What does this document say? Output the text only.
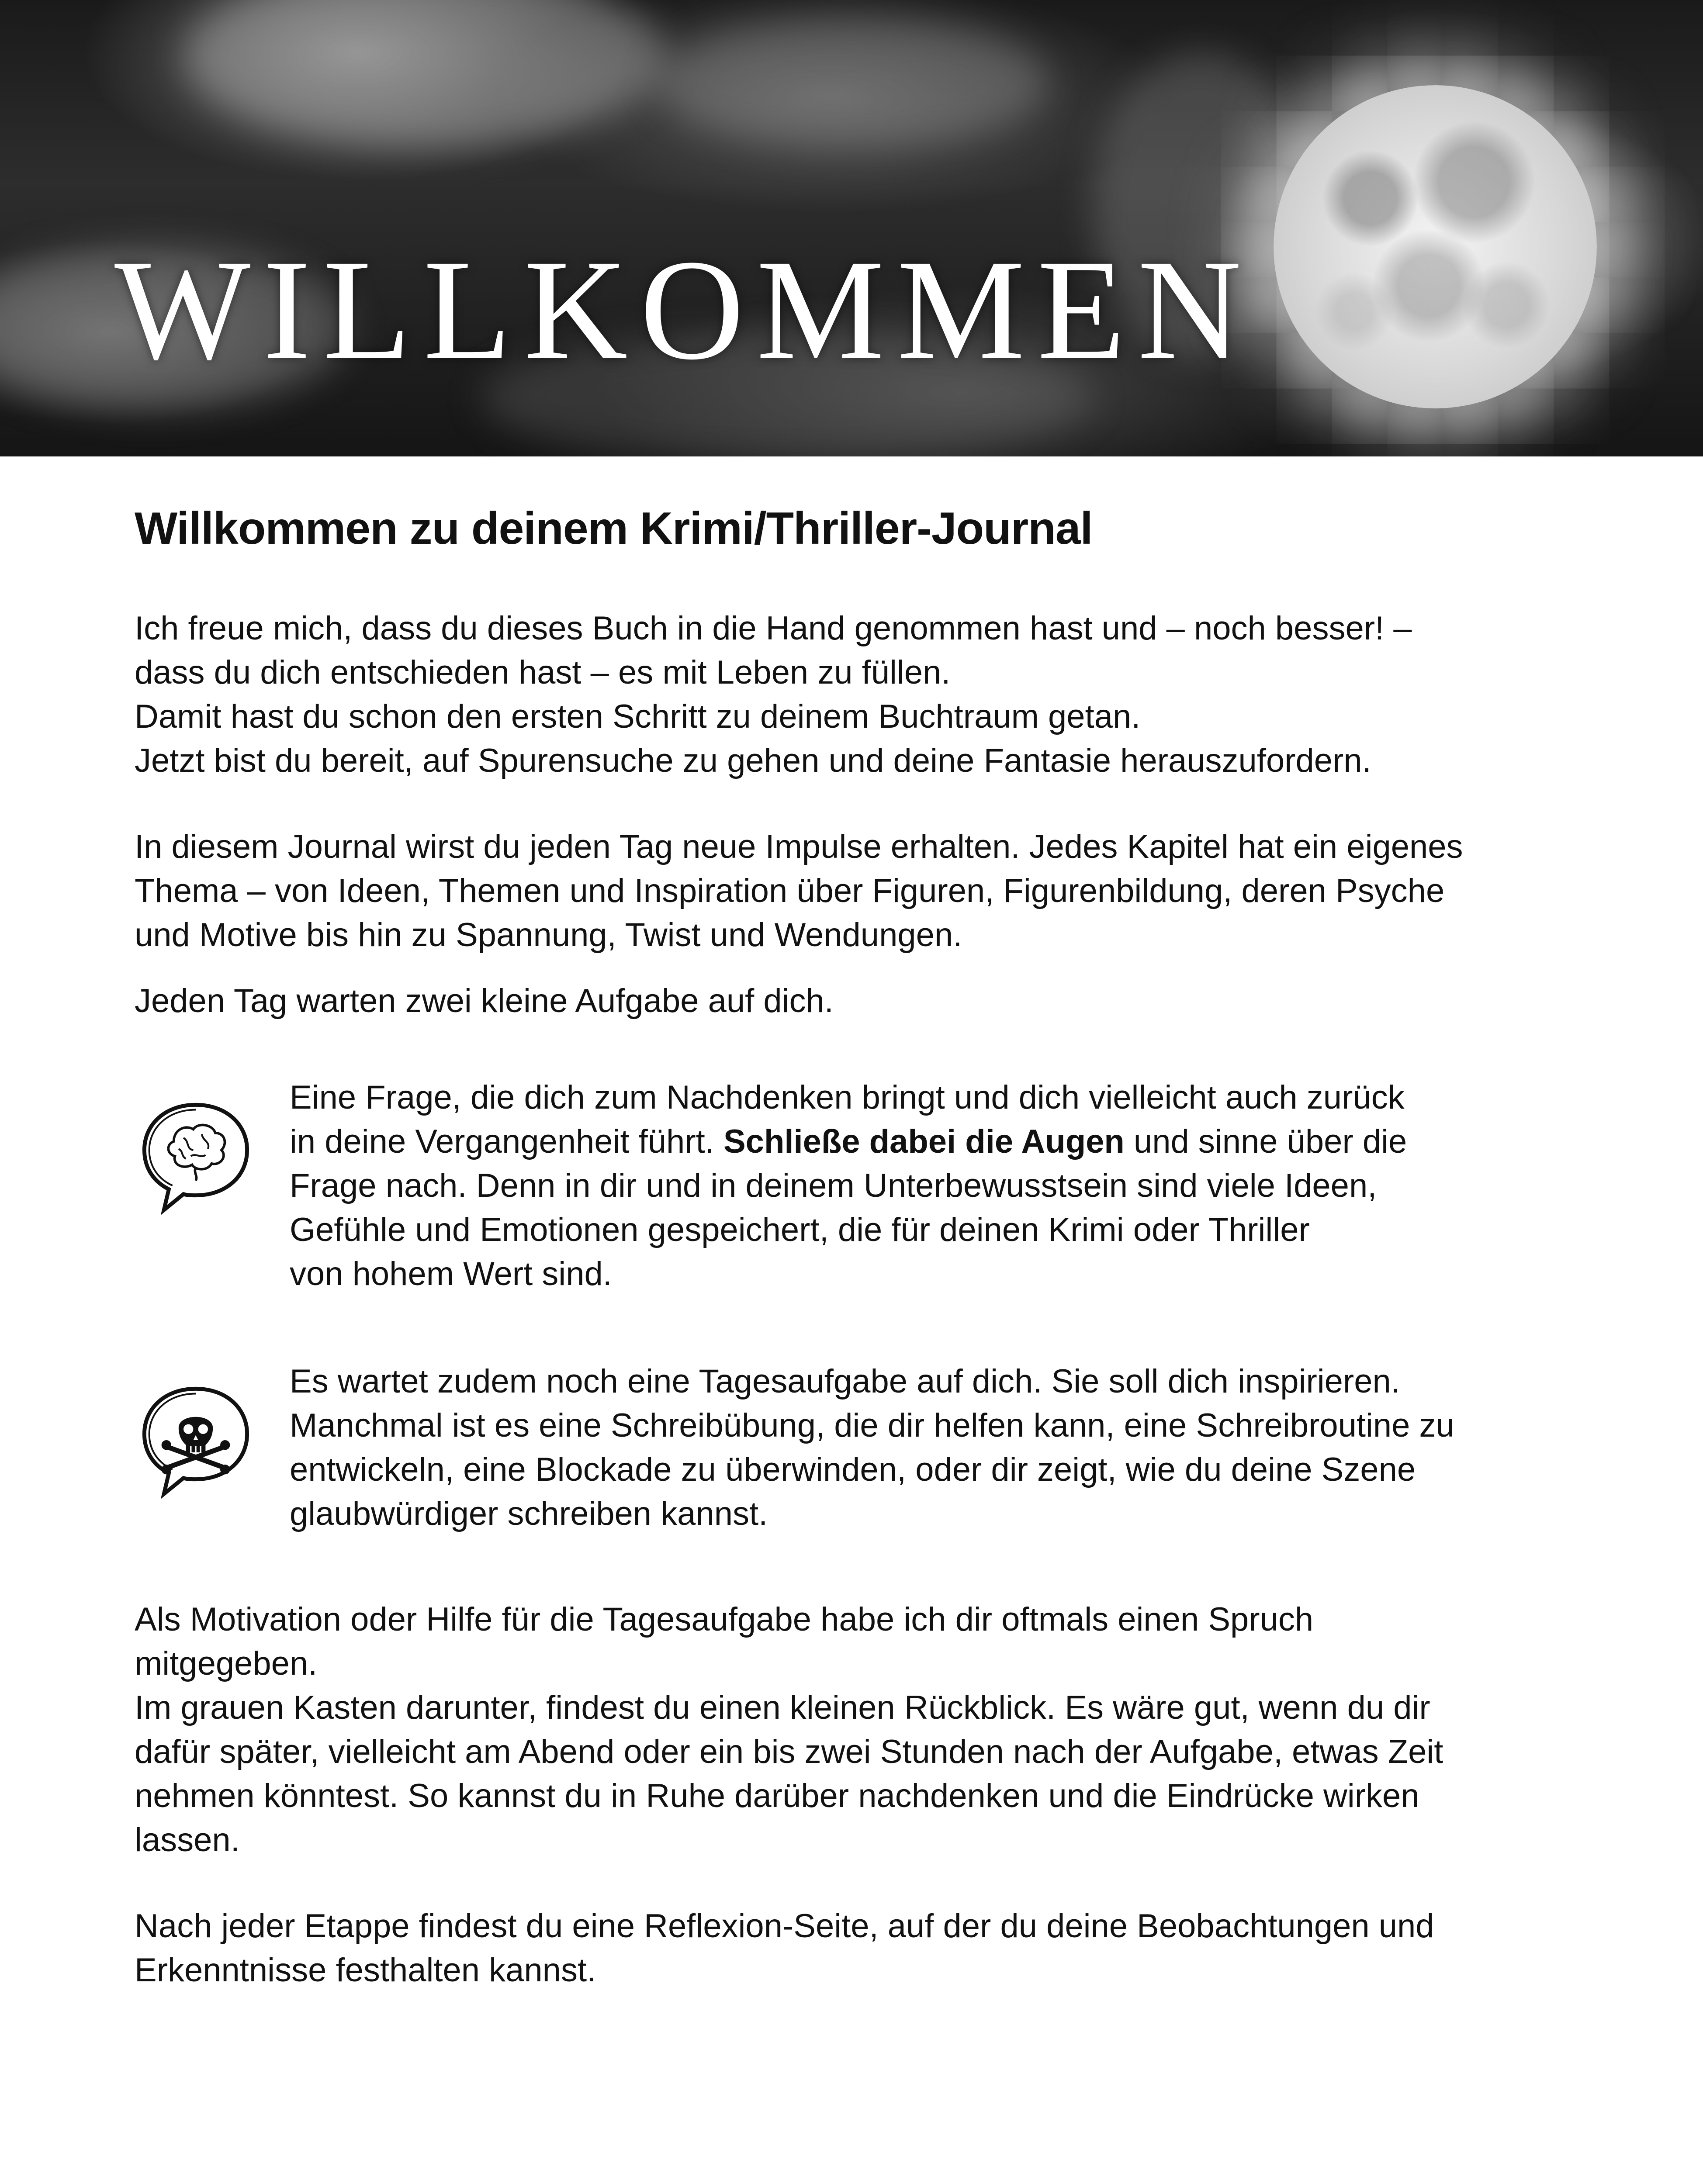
WILLKOMMEN
Willkommen zu deinem Krimi/Thriller-Journal

Ich freue mich, dass du dieses Buch in die Hand genommen hast und – noch besser! –
dass du dich entschieden hast – es mit Leben zu füllen.
Damit hast du schon den ersten Schritt zu deinem Buchtraum getan.
Jetzt bist du bereit, auf Spurensuche zu gehen und deine Fantasie herauszufordern.

In diesem Journal wirst du jeden Tag neue Impulse erhalten. Jedes Kapitel hat ein eigenes
Thema – von Ideen, Themen und Inspiration über Figuren, Figurenbildung, deren Psyche
und Motive bis hin zu Spannung, Twist und Wendungen.

Jeden Tag warten zwei kleine Aufgabe auf dich.

Eine Frage, die dich zum Nachdenken bringt und dich vielleicht auch zurück
in deine Vergangenheit führt. Schließe dabei die Augen und sinne über die
Frage nach. Denn in dir und in deinem Unterbewusstsein sind viele Ideen,
Gefühle und Emotionen gespeichert, die für deinen Krimi oder Thriller
von hohem Wert sind.
Es wartet zudem noch eine Tagesaufgabe auf dich. Sie soll dich inspirieren.
Manchmal ist es eine Schreibübung, die dir helfen kann, eine Schreibroutine zu
entwickeln, eine Blockade zu überwinden, oder dir zeigt, wie du deine Szene
glaubwürdiger schreiben kannst.

Als Motivation oder Hilfe für die Tagesaufgabe habe ich dir oftmals einen Spruch
mitgegeben.
Im grauen Kasten darunter, findest du einen kleinen Rückblick. Es wäre gut, wenn du dir
dafür später, vielleicht am Abend oder ein bis zwei Stunden nach der Aufgabe, etwas Zeit
nehmen könntest. So kannst du in Ruhe darüber nachdenken und die Eindrücke wirken
lassen.

Nach jeder Etappe findest du eine Reflexion-Seite, auf der du deine Beobachtungen und
Erkenntnisse festhalten kannst.
